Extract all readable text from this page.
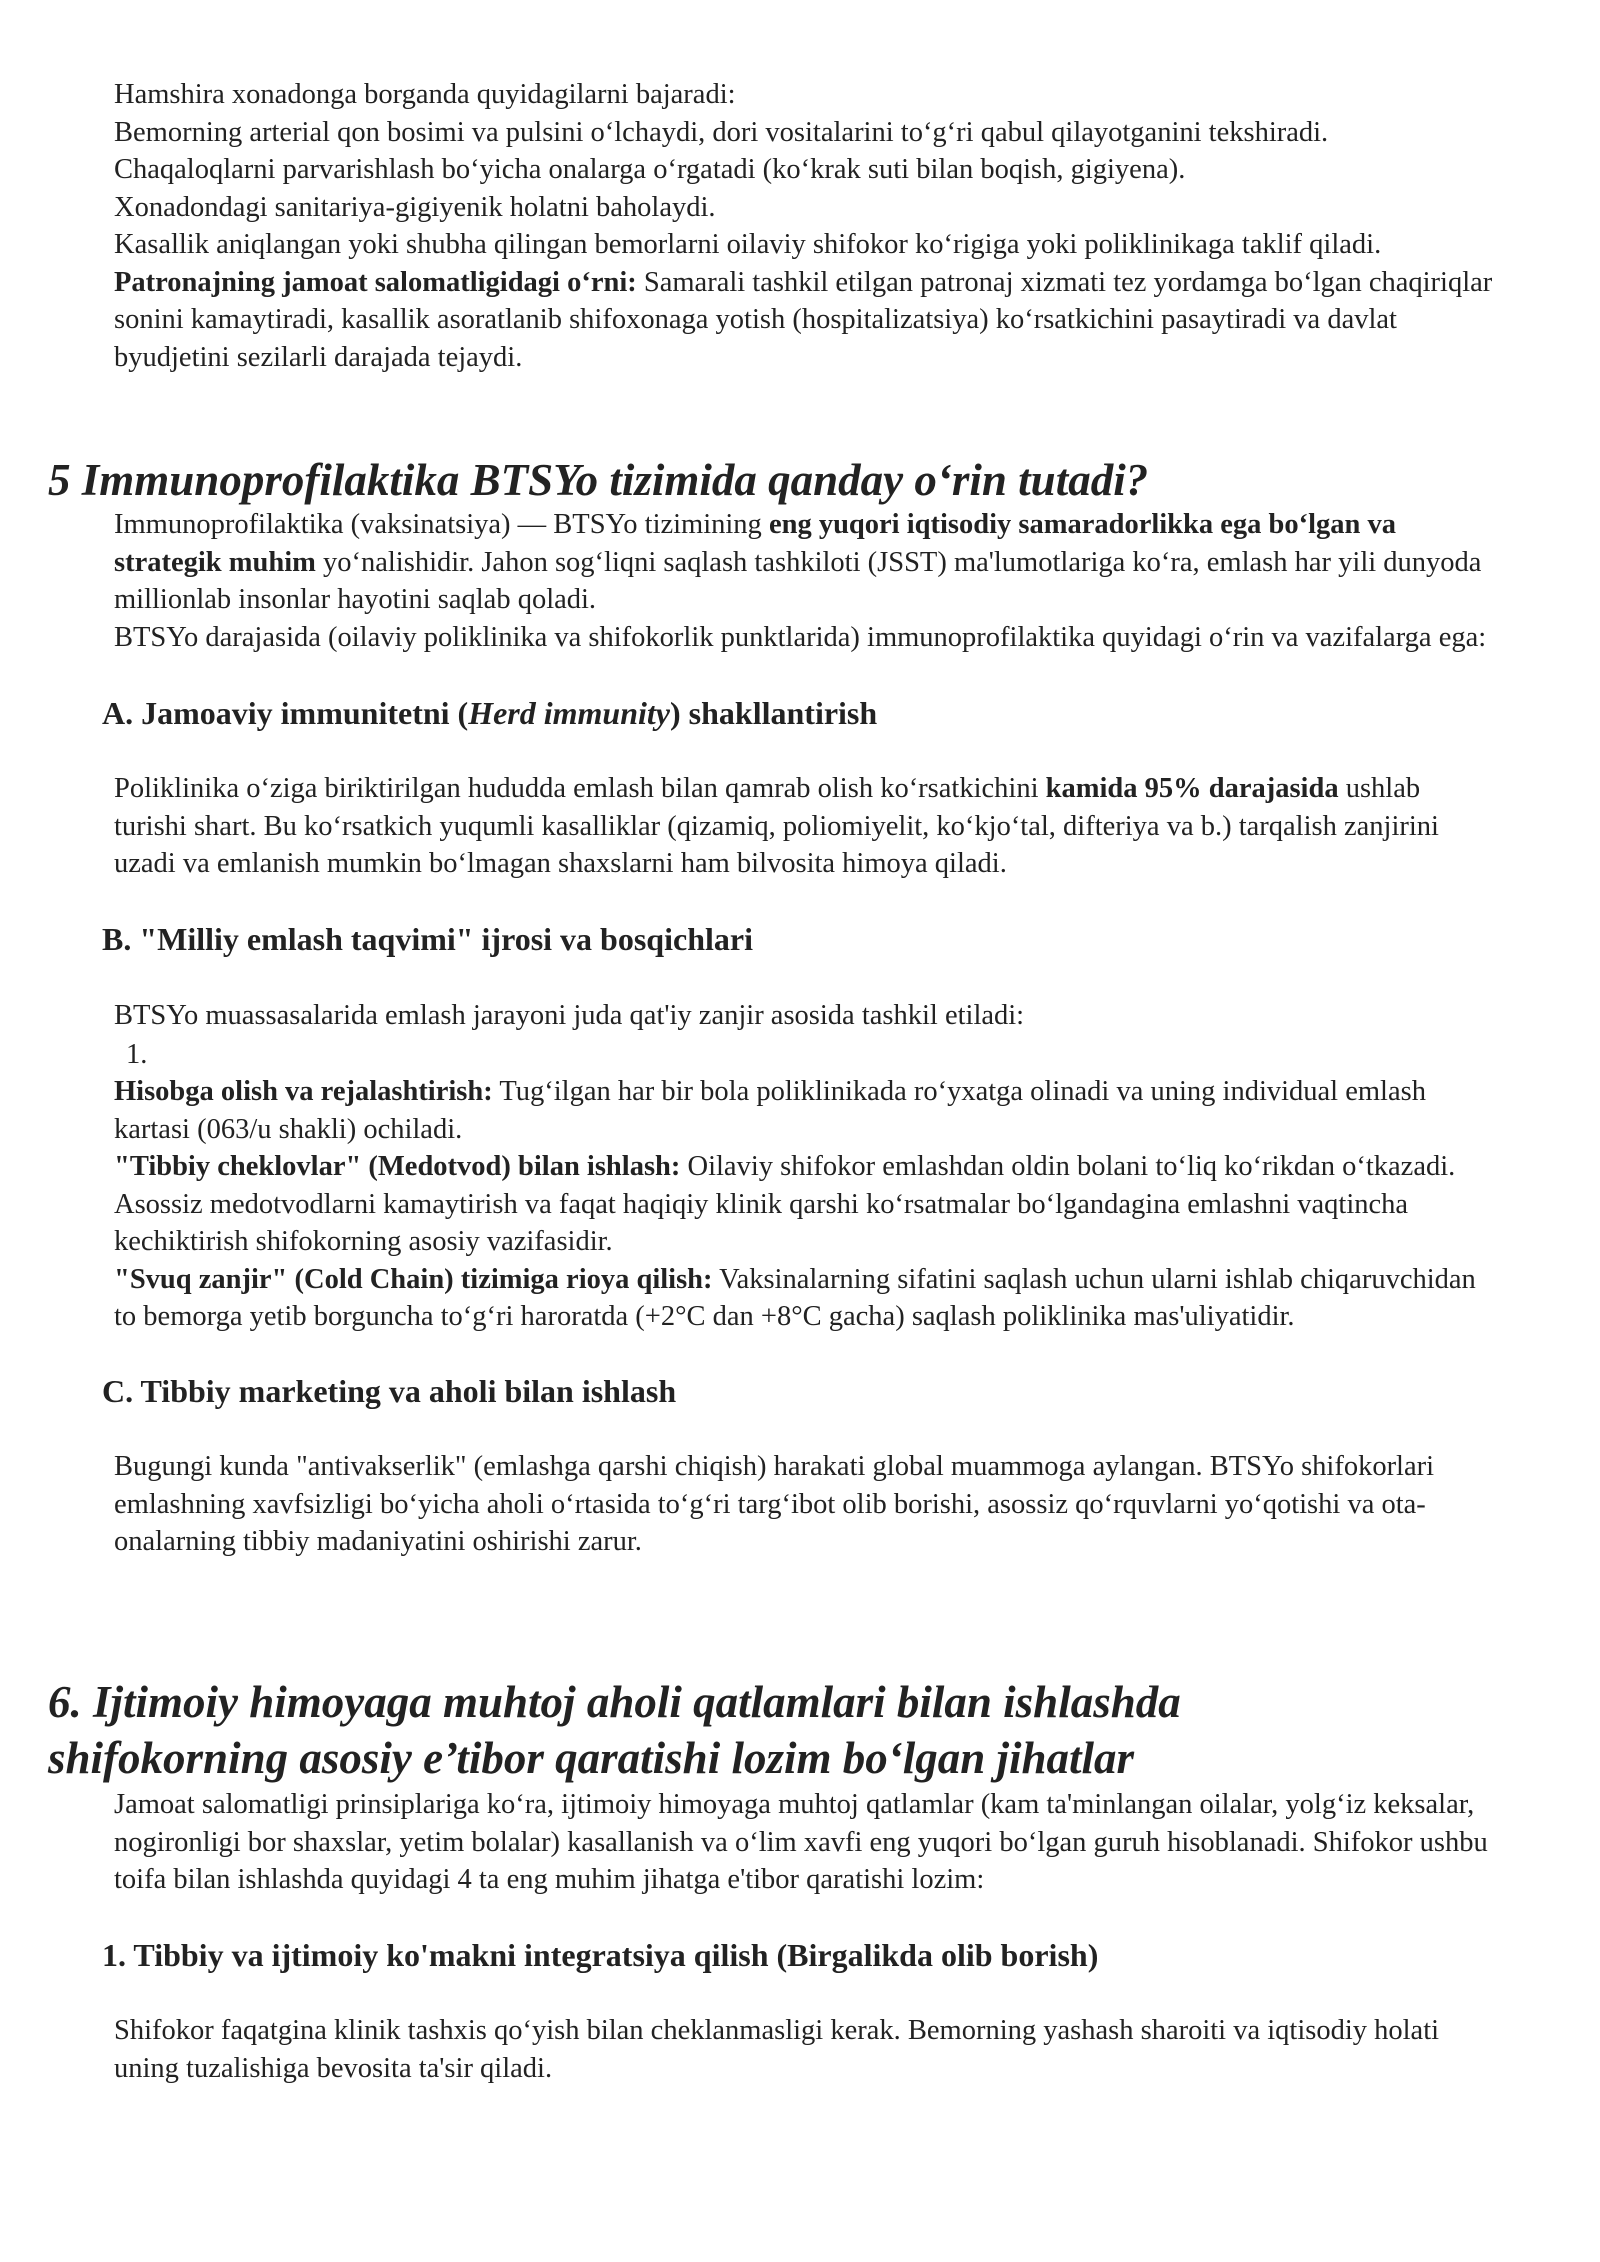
Hamshira xonadonga borganda quyidagilarni bajaradi:

Bemorning arterial qon bosimi va pulsini oʻlchaydi, dori vositalarini toʻgʻri qabul qilayotganini tekshiradi.

Chaqaloqlarni parvarishlash boʻyicha onalarga oʻrgatadi (koʻkrak suti bilan boqish, gigiyena).

Xonadondagi sanitariya-gigiyenik holatni baholaydi.

Kasallik aniqlangan yoki shubha qilingan bemorlarni oilaviy shifokor koʻrigiga yoki poliklinikaga taklif qiladi.

Patronajning jamoat salomatligidagi oʻrni: Samarali tashkil etilgan patronaj xizmati tez yordamga boʻlgan chaqiriqlar sonini kamaytiradi, kasallik asoratlanib shifoxonaga yotish (hospitalizatsiya) koʻrsatkichini pasaytiradi va davlat byudjetini sezilarli darajada tejaydi.

5 Immunoprofilaktika BTSYo tizimida qanday oʻrin tutadi?

Immunoprofilaktika (vaksinatsiya) — BTSYo tizimining eng yuqori iqtisodiy samaradorlikka ega boʻlgan va strategik muhim yoʻnalishidir. Jahon sogʻliqni saqlash tashkiloti (JSST) ma'lumotlariga koʻra, emlash har yili dunyoda millionlab insonlar hayotini saqlab qoladi.

BTSYo darajasida (oilaviy poliklinika va shifokorlik punktlarida) immunoprofilaktika quyidagi oʻrin va vazifalarga ega:

A. Jamoaviy immunitetni (Herd immunity) shakllantirish

Poliklinika oʻziga biriktirilgan hududda emlash bilan qamrab olish koʻrsatkichini kamida 95% darajasida ushlab turishi shart. Bu koʻrsatkich yuqumli kasalliklar (qizamiq, poliomiyelit, koʻkjoʻtal, difteriya va b.) tarqalish zanjirini uzadi va emlanish mumkin boʻlmagan shaxslarni ham bilvosita himoya qiladi.

B. "Milliy emlash taqvimi" ijrosi va bosqichlari

BTSYo muassasalarida emlash jarayoni juda qat'iy zanjir asosida tashkil etiladi:

1.

Hisobga olish va rejalashtirish: Tugʻilgan har bir bola poliklinikada roʻyxatga olinadi va uning individual emlash kartasi (063/u shakli) ochiladi.

"Tibbiy cheklovlar" (Medotvod) bilan ishlash: Oilaviy shifokor emlashdan oldin bolani toʻliq koʻrikdan oʻtkazadi. Asossiz medotvodlarni kamaytirish va faqat haqiqiy klinik qarshi koʻrsatmalar boʻlgandagina emlashni vaqtincha kechiktirish shifokorning asosiy vazifasidir.

"Svuq zanjir" (Cold Chain) tizimiga rioya qilish: Vaksinalarning sifatini saqlash uchun ularni ishlab chiqaruvchidan to bemorga yetib borguncha toʻgʻri haroratda (+2°C dan +8°C gacha) saqlash poliklinika mas'uliyatidir.

C. Tibbiy marketing va aholi bilan ishlash

Bugungi kunda "antivakserlik" (emlashga qarshi chiqish) harakati global muammoga aylangan. BTSYo shifokorlari emlashning xavfsizligi boʻyicha aholi oʻrtasida toʻgʻri targʻibot olib borishi, asossiz qoʻrquvlarni yoʻqotishi va ota-onalarning tibbiy madaniyatini oshirishi zarur.

6. Ijtimoiy himoyaga muhtoj aholi qatlamlari bilan ishlashda
shifokorning asosiy e’tibor qaratishi lozim boʻlgan jihatlar

Jamoat salomatligi prinsiplariga koʻra, ijtimoiy himoyaga muhtoj qatlamlar (kam ta'minlangan oilalar, yolgʻiz keksalar, nogironligi bor shaxslar, yetim bolalar) kasallanish va oʻlim xavfi eng yuqori boʻlgan guruh hisoblanadi. Shifokor ushbu toifa bilan ishlashda quyidagi 4 ta eng muhim jihatga e'tibor qaratishi lozim:

1. Tibbiy va ijtimoiy ko'makni integratsiya qilish (Birgalikda olib borish)

Shifokor faqatgina klinik tashxis qoʻyish bilan cheklanmasligi kerak. Bemorning yashash sharoiti va iqtisodiy holati uning tuzalishiga bevosita ta'sir qiladi.
